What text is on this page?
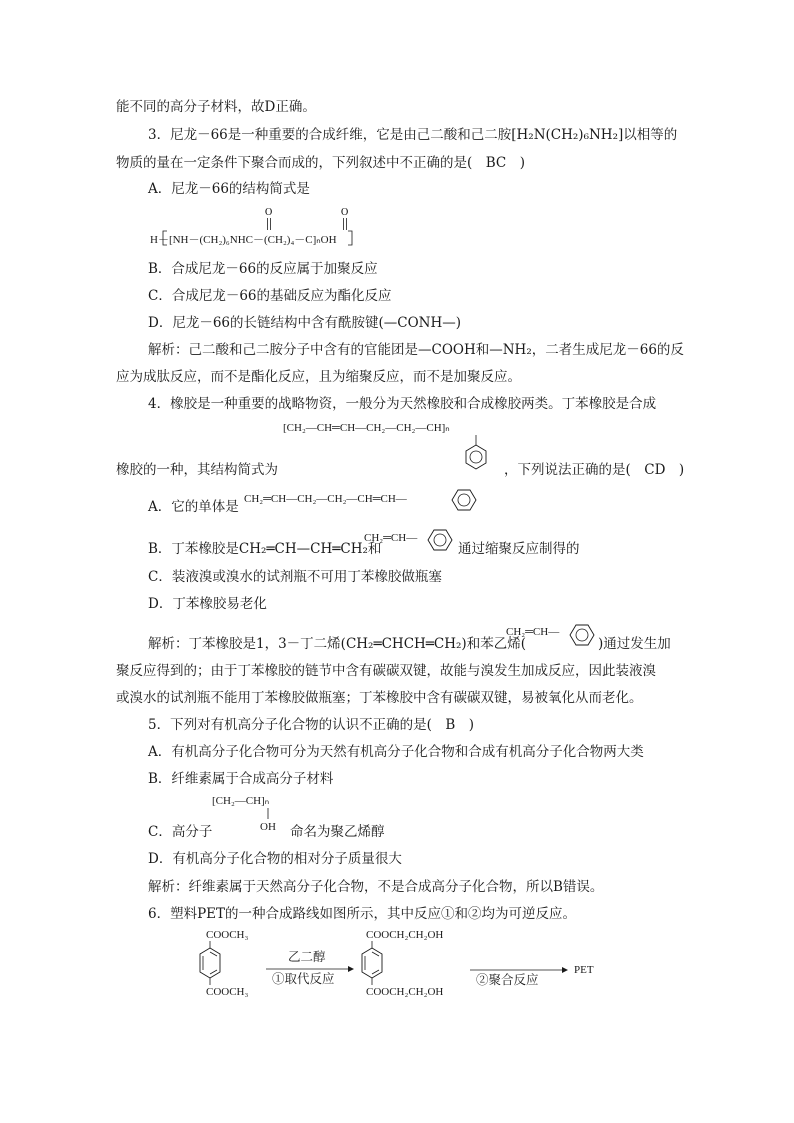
能不同的高分子材料，故D正确。
3．尼龙－66是一种重要的合成纤维，它是由己二酸和己二胺[H₂N(CH₂)₆NH₂]以相等的
物质的量在一定条件下聚合而成的，下列叙述中不正确的是(　BC　)
A．尼龙－66的结构简式是
O	O
H－[NH－(CH₂)₆NHC－(CH₂)₄－C]ₙOH
B．合成尼龙－66的反应属于加聚反应
C．合成尼龙－66的基础反应为酯化反应
D．尼龙－66的长链结构中含有酰胺键(—CONH—)
解析：己二酸和己二胺分子中含有的官能团是—COOH和—NH₂，二者生成尼龙－66的反
应为成肽反应，而不是酯化反应，且为缩聚反应，而不是加聚反应。
4．橡胶是一种重要的战略物资，一般分为天然橡胶和合成橡胶两类。丁苯橡胶是合成
[CH₂—CH═CH—CH₂—CH₂—CH]ₙ
橡胶的一种，其结构简式为	，下列说法正确的是(　CD　)
A．它的单体是 CH₂═CH—CH₂—CH₂—CH═CH—
B．丁苯橡胶是CH₂═CH—CH═CH₂和
CH₂═CH—
通过缩聚反应制得的
C．装液溴或溴水的试剂瓶不可用丁苯橡胶做瓶塞
D．丁苯橡胶易老化
解析：丁苯橡胶是1，3－丁二烯(CH₂═CHCH═CH₂)和苯乙烯(
CH₂═CH—
)通过发生加
聚反应得到的；由于丁苯橡胶的链节中含有碳碳双键，故能与溴发生加成反应，因此装液溴
或溴水的试剂瓶不能用丁苯橡胶做瓶塞；丁苯橡胶中含有碳碳双键，易被氧化从而老化。
5．下列对有机高分子化合物的认识不正确的是(　B　)
A．有机高分子化合物可分为天然有机高分子化合物和合成有机高分子化合物两大类
B．纤维素属于合成高分子材料
[CH₂—CH]ₙ
OH
C．高分子	命名为聚乙烯醇
D．有机高分子化合物的相对分子质量很大
解析：纤维素属于天然高分子化合物，不是合成高分子化合物，所以B错误。
6．塑料PET的一种合成路线如图所示，其中反应①和②均为可逆反应。
COOCH₃
COOCH₃
乙二醇
①取代反应
COOCH₂CH₂OH
COOCH₂CH₂OH
②聚合反应
PET
